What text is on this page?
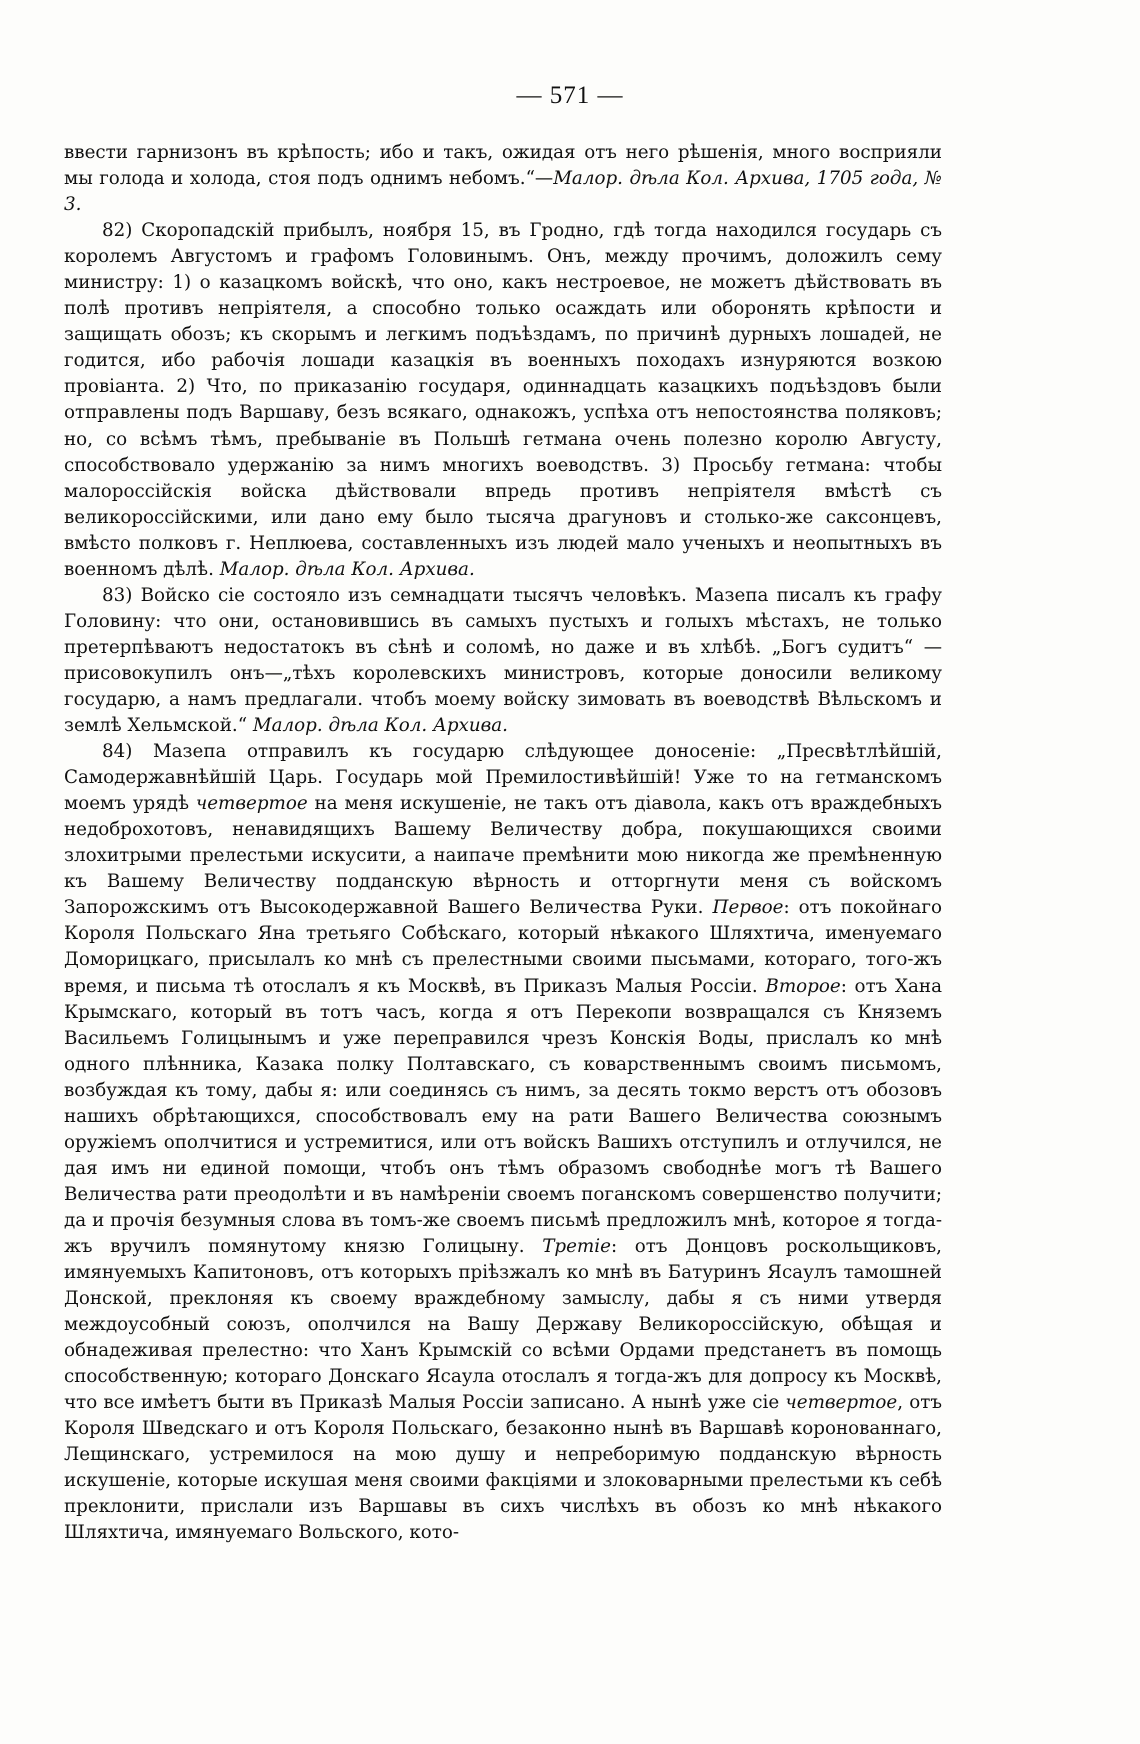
— 571 —

ввести гарнизонъ въ крѣпость; ибо и такъ, ожидая отъ него рѣшенія, много восприяли мы голода и холода, стоя подъ однимъ небомъ.“—Малор. дѣла Кол. Архива, 1705 года, № 3.

82) Скоропадскій прибылъ, ноября 15, въ Гродно, гдѣ тогда находился государь съ королемъ Августомъ и графомъ Головинымъ. Онъ, между прочимъ, доложилъ сему министру: 1) о казацкомъ войскѣ, что оно, какъ нестроевое, не можетъ дѣйствовать въ полѣ противъ непріятеля, а способно только осаждать или оборонять крѣпости и защищать обозъ; къ скорымъ и легкимъ подъѣздамъ, по причинѣ дурныхъ лошадей, не годится, ибо рабочія лошади казацкія въ военныхъ походахъ изнуряются возкою провіанта. 2) Что, по приказанію государя, одиннадцать казацкихъ подъѣздовъ были отправлены подъ Варшаву, безъ всякаго, однакожъ, успѣха отъ непостоянства поляковъ; но, со всѣмъ тѣмъ, пребываніе въ Польшѣ гетмана очень полезно королю Августу, способствовало удержанію за нимъ многихъ воеводствъ. 3) Просьбу гетмана: чтобы малороссійскія войска дѣйствовали впредь противъ непріятеля вмѣстѣ съ великороссійскими, или дано ему было тысяча драгуновъ и столько-же саксонцевъ, вмѣсто полковъ г. Неплюева, составленныхъ изъ людей мало ученыхъ и неопытныхъ въ военномъ дѣлѣ. Малор. дѣла Кол. Архива.

83) Войско сіе состояло изъ семнадцати тысячъ человѣкъ. Мазепа писалъ къ графу Головину: что они, остановившись въ самыхъ пустыхъ и голыхъ мѣстахъ, не только претерпѣваютъ недостатокъ въ сѣнѣ и соломѣ, но даже и въ хлѣбѣ. „Богъ судитъ“ —присовокупилъ онъ—„тѣхъ королевскихъ министровъ, которые доносили великому государю, а намъ предлагали. чтобъ моему войску зимовать въ воеводствѣ Вѣльскомъ и землѣ Хельмской.“ Малор. дѣла Кол. Архива.

84) Мазепа отправилъ къ государю слѣдующее доносеніе: „Пресвѣтлѣйшій, Самодержавнѣйшій Царь. Государь мой Премилостивѣйшій! Уже то на гетманскомъ моемъ урядѣ четвертое на меня искушеніе, не такъ отъ діавола, какъ отъ враждебныхъ недоброхотовъ, ненавидящихъ Вашему Величеству добра, покушающихся своими злохитрыми прелестьми искусити, а наипаче премѣнити мою никогда же премѣненную къ Вашему Величеству подданскую вѣрность и отторгнути меня съ войскомъ Запорожскимъ отъ Высокодержавной Вашего Величества Руки. Первое: отъ покойнаго Короля Польскаго Яна третьяго Собѣскаго, который нѣкакого Шляхтича, именуемаго Доморицкаго, присылалъ ко мнѣ съ прелестными своими пысьмами, котораго, того-жъ время, и письма тѣ отослалъ я къ Москвѣ, въ Приказъ Малыя Россіи. Второе: отъ Хана Крымскаго, который въ тотъ часъ, когда я отъ Перекопи возвращался съ Княземъ Васильемъ Голицынымъ и уже переправился чрезъ Конскія Воды, прислалъ ко мнѣ одного плѣнника, Казака полку Полтавскаго, съ коварственнымъ своимъ письмомъ, возбуждая къ тому, дабы я: или соединясь съ нимъ, за десять токмо верстъ отъ обозовъ нашихъ обрѣтающихся, способствовалъ ему на рати Вашего Величества союзнымъ оружіемъ ополчитися и устремитися, или отъ войскъ Вашихъ отступилъ и отлучился, не дая имъ ни единой помощи, чтобъ онъ тѣмъ образомъ свободнѣе могъ тѣ Вашего Величества рати преодолѣти и въ намѣреніи своемъ поганскомъ совершенство получити; да и прочія безумныя слова въ томъ-же своемъ письмѣ предложилъ мнѣ, которое я тогда-жъ вручилъ помянутому князю Голицыну. Третіе: отъ Донцовъ роскольщиковъ, имянуемыхъ Капитоновъ, отъ которыхъ пріѣзжалъ ко мнѣ въ Батуринъ Ясаулъ тамошней Донской, преклоняя къ своему враждебному замыслу, дабы я съ ними утвердя междоусобный союзъ, ополчился на Вашу Державу Великороссійскую, обѣщая и обнадеживая прелестно: что Ханъ Крымскій со всѣми Ордами предстанетъ въ помощь способственную; котораго Донскаго Ясаула отослалъ я тогда-жъ для допросу къ Москвѣ, что все имѣетъ быти въ Приказѣ Малыя Россіи записано. А нынѣ уже сіе четвертое, отъ Короля Шведскаго и отъ Короля Польскаго, безаконно нынѣ въ Варшавѣ коронованнаго, Лещинскаго, устремилося на мою душу и непреборимую подданскую вѣрность искушеніе, которые искушая меня своими факціями и злоковарными прелестьми къ себѣ преклонити, прислали изъ Варшавы въ сихъ числѣхъ въ обозъ ко мнѣ нѣкакого Шляхтича, имянуемаго Вольского, кото-
